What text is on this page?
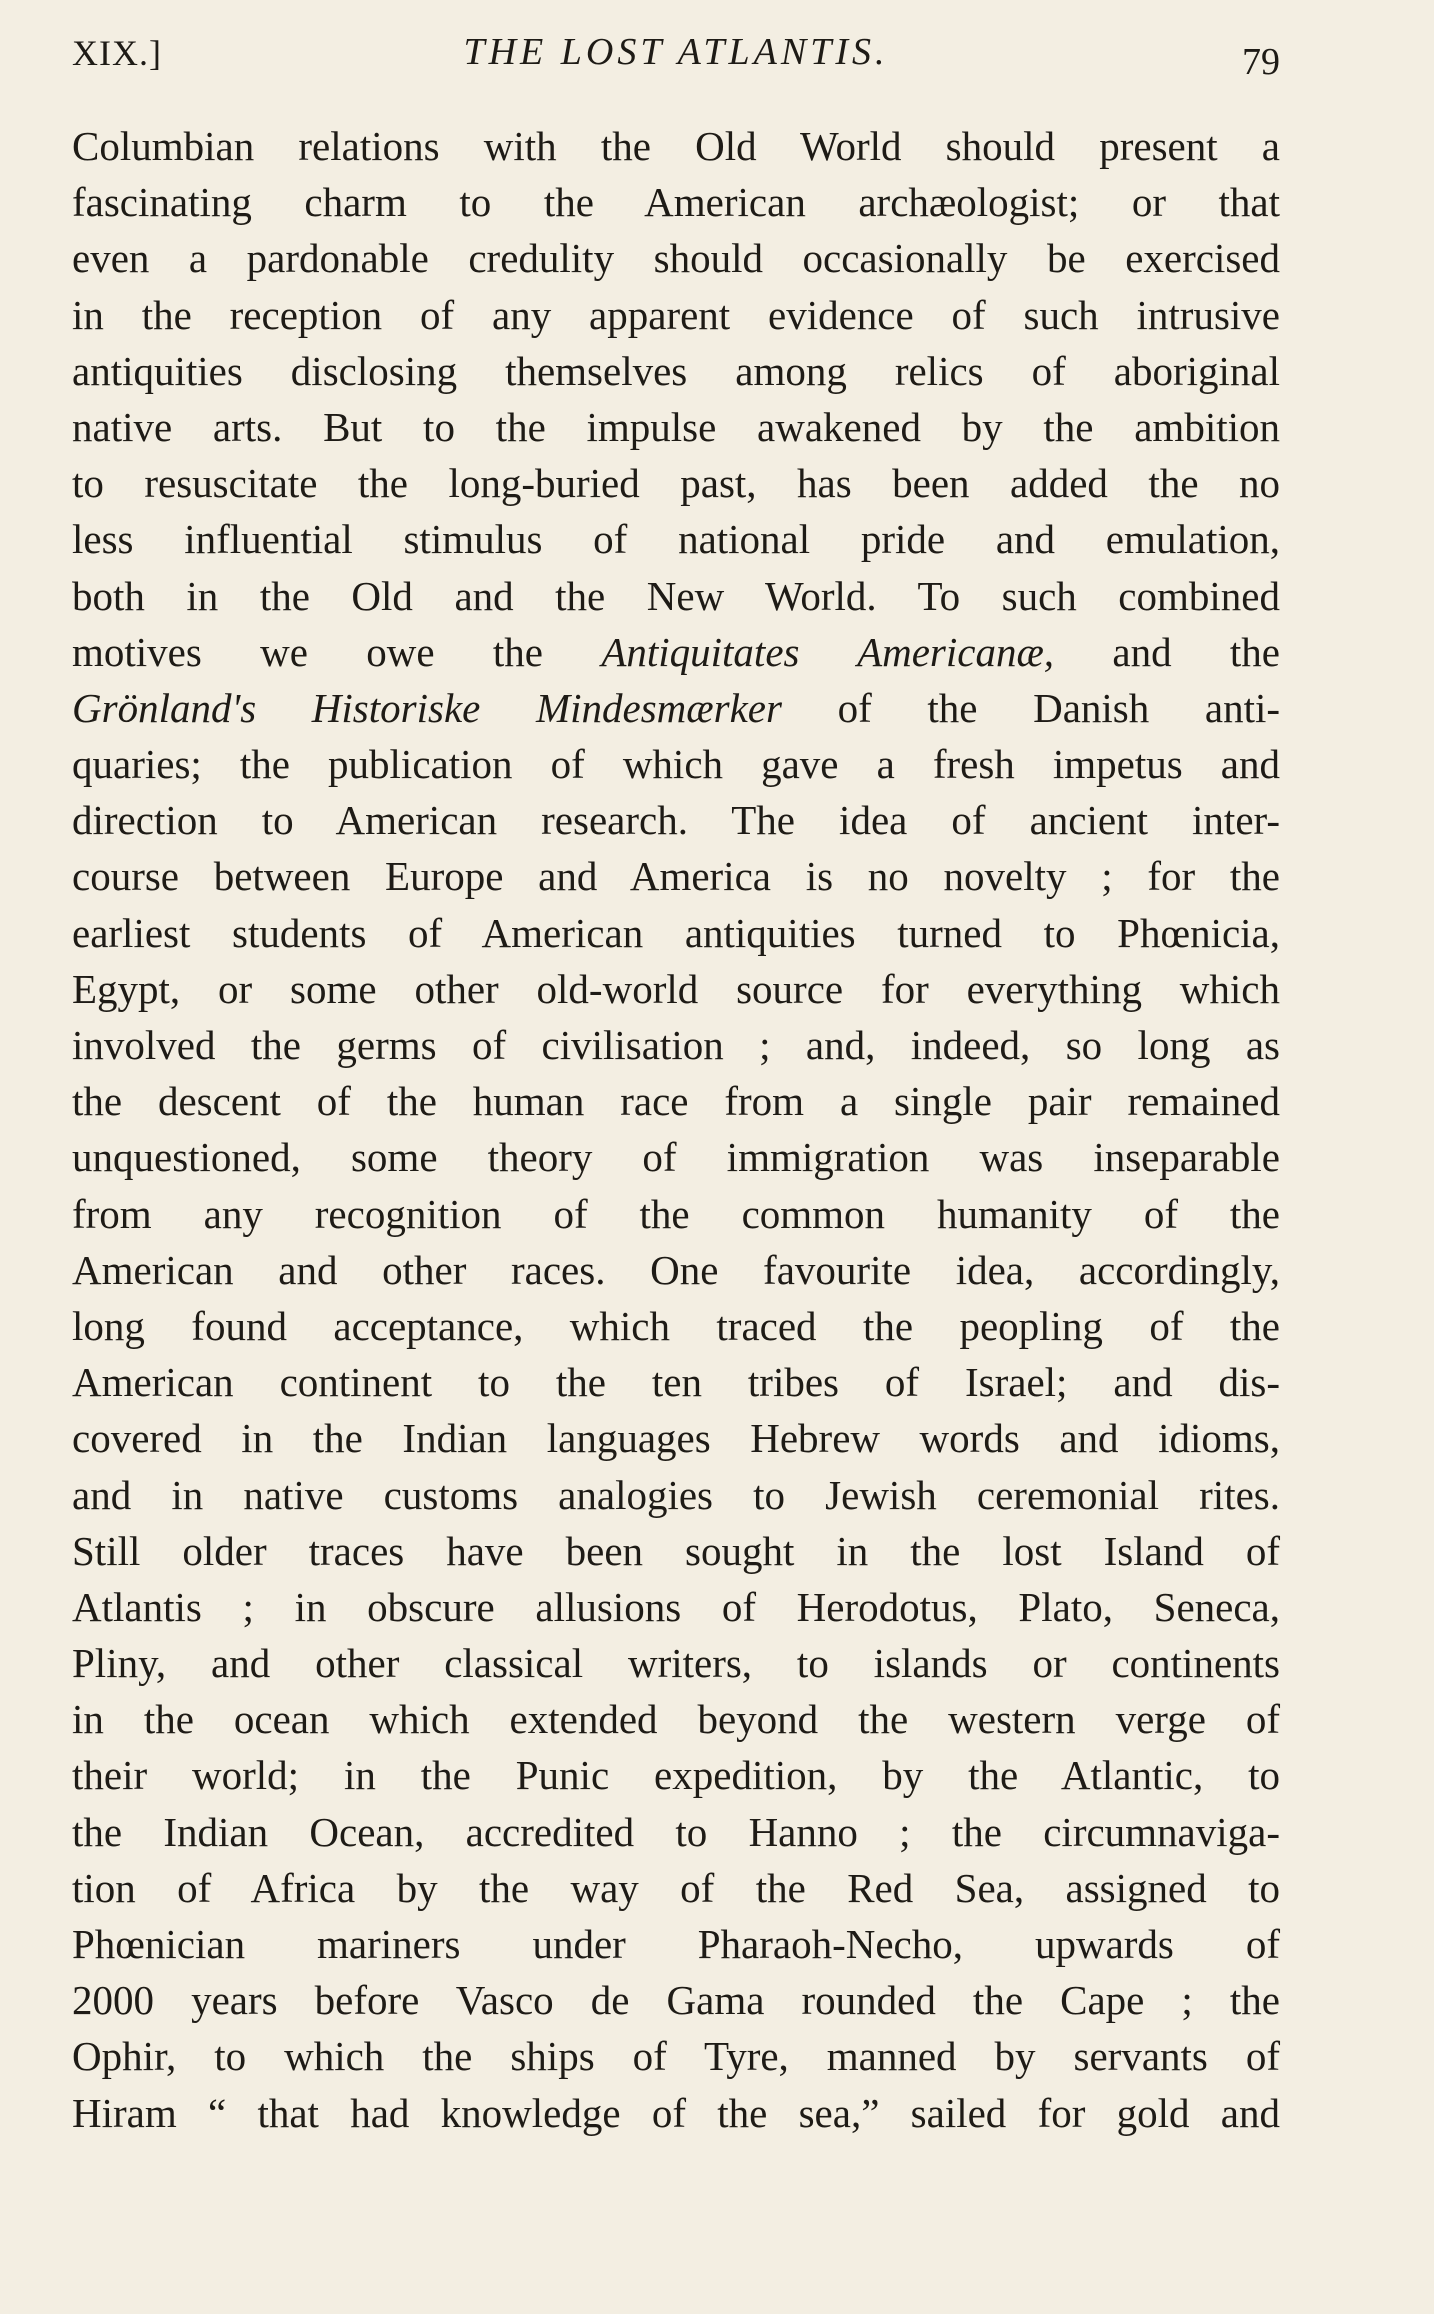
XIX.]	THE LOST ATLANTIS.	79
Columbian relations with the Old World should present a
fascinating charm to the American archæologist; or that
even a pardonable credulity should occasionally be exercised
in the reception of any apparent evidence of such intrusive
antiquities disclosing themselves among relics of aboriginal
native arts. But to the impulse awakened by the ambition
to resuscitate the long-buried past, has been added the no
less influential stimulus of national pride and emulation,
both in the Old and the New World. To such combined
motives we owe the Antiquitates Americanæ, and the
Grönland's Historiske Mindesmærker of the Danish anti-
quaries; the publication of which gave a fresh impetus and
direction to American research. The idea of ancient inter-
course between Europe and America is no novelty ; for the
earliest students of American antiquities turned to Phœnicia,
Egypt, or some other old-world source for everything which
involved the germs of civilisation ; and, indeed, so long as
the descent of the human race from a single pair remained
unquestioned, some theory of immigration was inseparable
from any recognition of the common humanity of the
American and other races. One favourite idea, accordingly,
long found acceptance, which traced the peopling of the
American continent to the ten tribes of Israel; and dis-
covered in the Indian languages Hebrew words and idioms,
and in native customs analogies to Jewish ceremonial rites.
Still older traces have been sought in the lost Island of
Atlantis ; in obscure allusions of Herodotus, Plato, Seneca,
Pliny, and other classical writers, to islands or continents
in the ocean which extended beyond the western verge of
their world; in the Punic expedition, by the Atlantic, to
the Indian Ocean, accredited to Hanno ; the circumnaviga-
tion of Africa by the way of the Red Sea, assigned to
Phœnician mariners under Pharaoh-Necho, upwards of
2000 years before Vasco de Gama rounded the Cape ; the
Ophir, to which the ships of Tyre, manned by servants of
Hiram “ that had knowledge of the sea,” sailed for gold and
